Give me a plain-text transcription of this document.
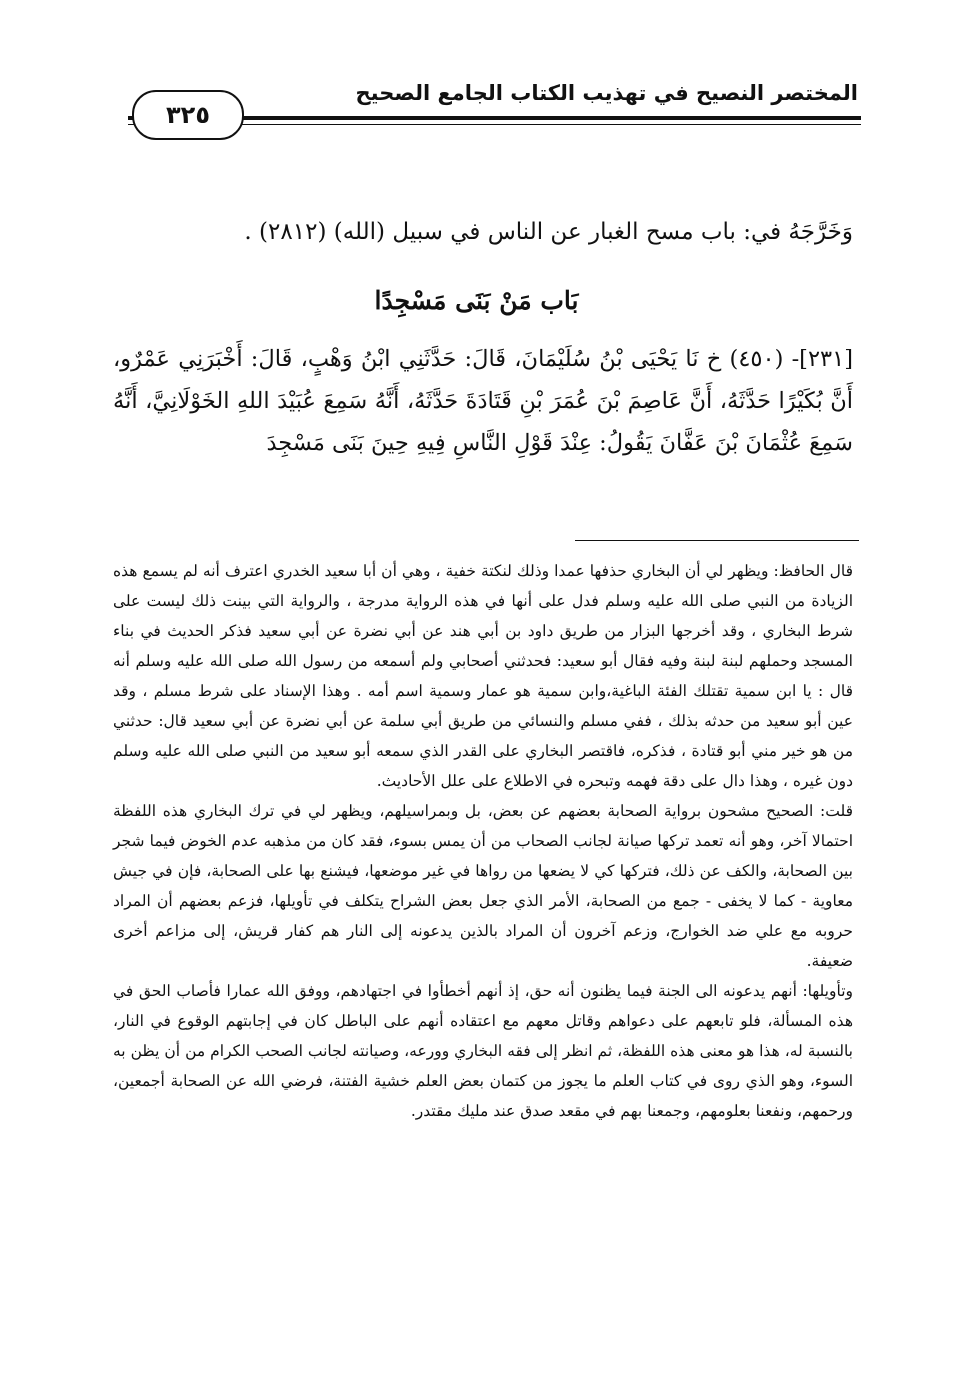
المختصر النصيح في تهذيب الكتاب الجامع الصحيح
٣٢٥
وَخَرَّجَهُ في: باب مسح الغبار عن الناس في سبيل (الله) (٢٨١٢) .
بَاب مَنْ بَنَى مَسْجِدًا
[٢٣١]- (٤٥٠) خ نَا يَحْيَى بْنُ سُلَيْمَانَ، قَالَ: حَدَّثَنِي ابْنُ وَهْبٍ، قَالَ: أَخْبَرَنِي عَمْرٌو، أَنَّ بُكَيْرًا حَدَّثَهُ، أَنَّ عَاصِمَ بْنَ عُمَرَ بْنِ قَتَادَةَ حَدَّثَهُ، أَنَّهُ سَمِعَ عُبَيْدَ اللهِ الخَوْلَانِيَّ، أَنَّهُ سَمِعَ عُثْمَانَ بْنَ عَفَّانَ يَقُولُ: عِنْدَ قَوْلِ النَّاسِ فِيهِ حِينَ بَنَى مَسْجِدَ

قال الحافظ: ويظهر لي أن البخاري حذفها عمدا وذلك لنكتة خفية ، وهي أن أبا سعيد الخدري اعترف أنه لم يسمع هذه الزيادة من النبي صلى الله عليه وسلم فدل على أنها في هذه الرواية مدرجة ، والرواية التي بينت ذلك ليست على شرط البخاري ، وقد أخرجها البزار من طريق داود بن أبي هند عن أبي نضرة عن أبي سعيد فذكر الحديث في بناء المسجد وحملهم لبنة لبنة وفيه فقال أبو سعيد: فحدثني أصحابي ولم أسمعه من رسول الله صلى الله عليه وسلم أنه قال : يا ابن سمية تقتلك الفئة الباغية،وابن سمية هو عمار وسمية اسم أمه . وهذا الإسناد على شرط مسلم ، وقد عين أبو سعيد من حدثه بذلك ، ففي مسلم والنسائي من طريق أبي سلمة عن أبي نضرة عن أبي سعيد قال: حدثني من هو خير مني أبو قتادة ، فذكره، فاقتصر البخاري على القدر الذي سمعه أبو سعيد من النبي صلى الله عليه وسلم دون غيره ، وهذا دال على دقة فهمه وتبحره في الاطلاع على علل الأحاديث.

قلت: الصحيح مشحون برواية الصحابة بعضهم عن بعض، بل وبمراسيلهم، ويظهر لي في ترك البخاري هذه اللفظة احتمالا آخر، وهو أنه تعمد تركها صيانة لجانب الصحاب من أن يمس بسوء، فقد كان من مذهبه عدم الخوض فيما شجر بين الصحابة، والكف عن ذلك، فتركها كي لا يضعها من رواها في غير موضعها، فيشنع بها على الصحابة، فإن في جيش معاوية - كما لا يخفى - جمع من الصحابة، الأمر الذي جعل بعض الشراح يتكلف في تأويلها، فزعم بعضهم أن المراد حروبه مع علي ضد الخوارج، وزعم آخرون أن المراد بالذين يدعونه إلى النار هم كفار قريش، إلى مزاعم أخرى ضعيفة.

وتأويلها: أنهم يدعونه الى الجنة فيما يظنون أنه حق، إذ أنهم أخطأوا في اجتهادهم، ووفق الله عمارا فأصاب الحق في هذه المسألة، فلو تابعهم على دعواهم وقاتل معهم مع اعتقاده أنهم على الباطل كان في إجابتهم الوقوع في النار، بالنسبة له، هذا هو معنى هذه اللفظة، ثم انظر إلى فقه البخاري وورعه، وصيانته لجانب الصحب الكرام من أن يظن به السوء، وهو الذي روى في كتاب العلم ما يجوز من كتمان بعض العلم خشية الفتنة، فرضي الله عن الصحابة أجمعين، ورحمهم، ونفعنا بعلومهم، وجمعنا بهم في مقعد صدق عند مليك مقتدر.
